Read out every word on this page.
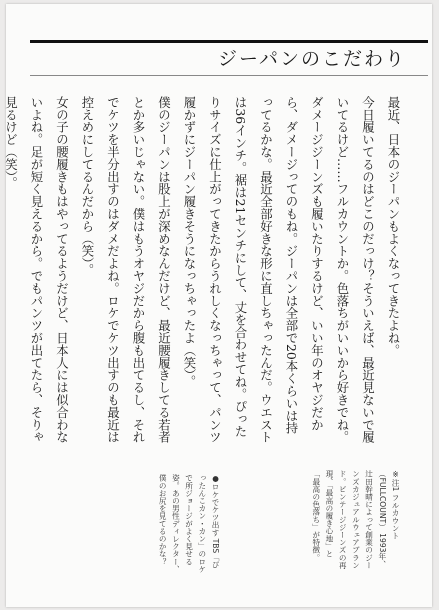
ジーパンのこだわり

最近、日本のジーパンもよくなってきたよね。

今日履いてるのはどこのだっけ？そういえば、最近見ないで履いてるけど……フルカウントか。色落ちがいいから好きでね。

ダメージジーンズも履いたりするけど、いい年のオヤジだから、ダメージってのもね。ジーパンは全部で20本くらいは持ってるかな。最近全部好きな形に直しちゃったんだ。ウエストは36インチ。裾は21センチにして、丈を合わせてね。ぴったりサイズに仕上がってきたからうれしくなっちゃって、パンツ履かずにジーパン履きそうになっちゃったよ（笑）。

僕のジーパンは股上が深めなんだけど、最近腰履きしてる若者とか多いじゃない。僕はもうオヤジだから腹も出てるし、それでケツを半分出すのはダメだよね。ロケでケツ出すのも最近は控えめにしてるんだから（笑）。

女の子の腰履きもはやってるようだけど、日本人には似合わないよね。足が短く見えるから。でもパンツが出てたら、そりゃ見るけど（笑）。

※注1 フルカウント（FULLCOUNT） 1993年、辻田幹晴によって創業のジーンズカジュアルウェアブランド。ビンテージジーンズの再現、「最高の履き心地」と「最高の色落ち」が特徴。
●ロケでケツ出す TBS「ぴったんこカン・カン」のロケで所ジョージがよく見せる姿。あの男性ディレクター、僕のお尻を見てるのかな？
